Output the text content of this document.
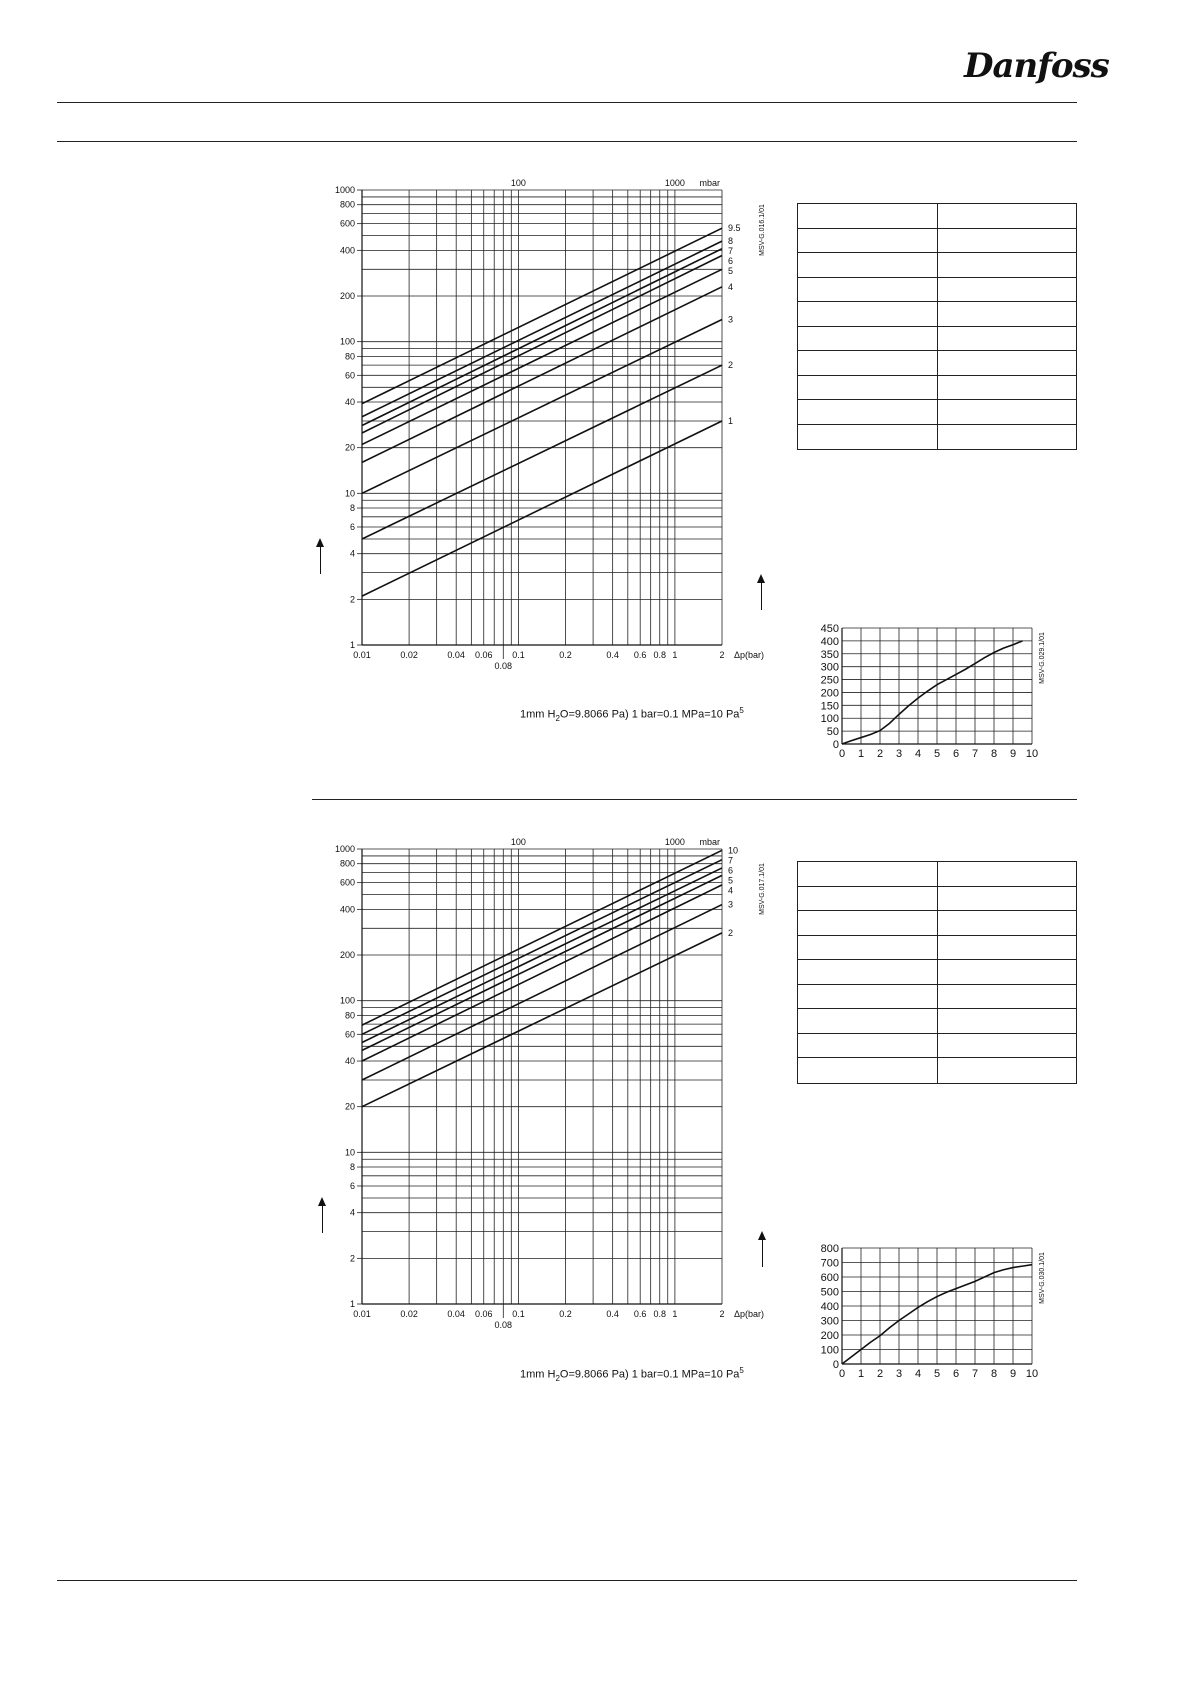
Danfoss
1
2
4
6
8
10
20
40
60
80
100
200
400
600
800
1000
0.01	0.02	0.04 0.06 0.1	0.2	0.4 0.6 0.8 1	2
0.08
Δp(bar)
100	1000 mbar
MSV-G.016.1/01
9.5
8
7
6
5
4
3
2
1
0 1 2 3 4 5 6 7 8 9 10
0
50
100
150
200
250
300
350
400
450
MSV-G.029.1/01
1mm $H_2O=9.8066$ Pa) 1 bar=0.1 MPa=10 Pa$^5$
1
2
4
6
8
10
20
40
60
80
100
200
400
600
800
1000
0.01	0.02	0.04 0.06 0.1	0.2	0.4 0.6 0.8 1	2
0.08
Δp(bar)
100	1000 mbar
MSV-G.017.1/01
10
7
6
5
4
3
2
0 1 2 3 4 5 6 7 8 9 10
0
100
200
300
400
500
600
700
800
MSV-G.030.1/01
1mm $H_2O=9.8066$ Pa) 1 bar=0.1 MPa=10 Pa$^5$
